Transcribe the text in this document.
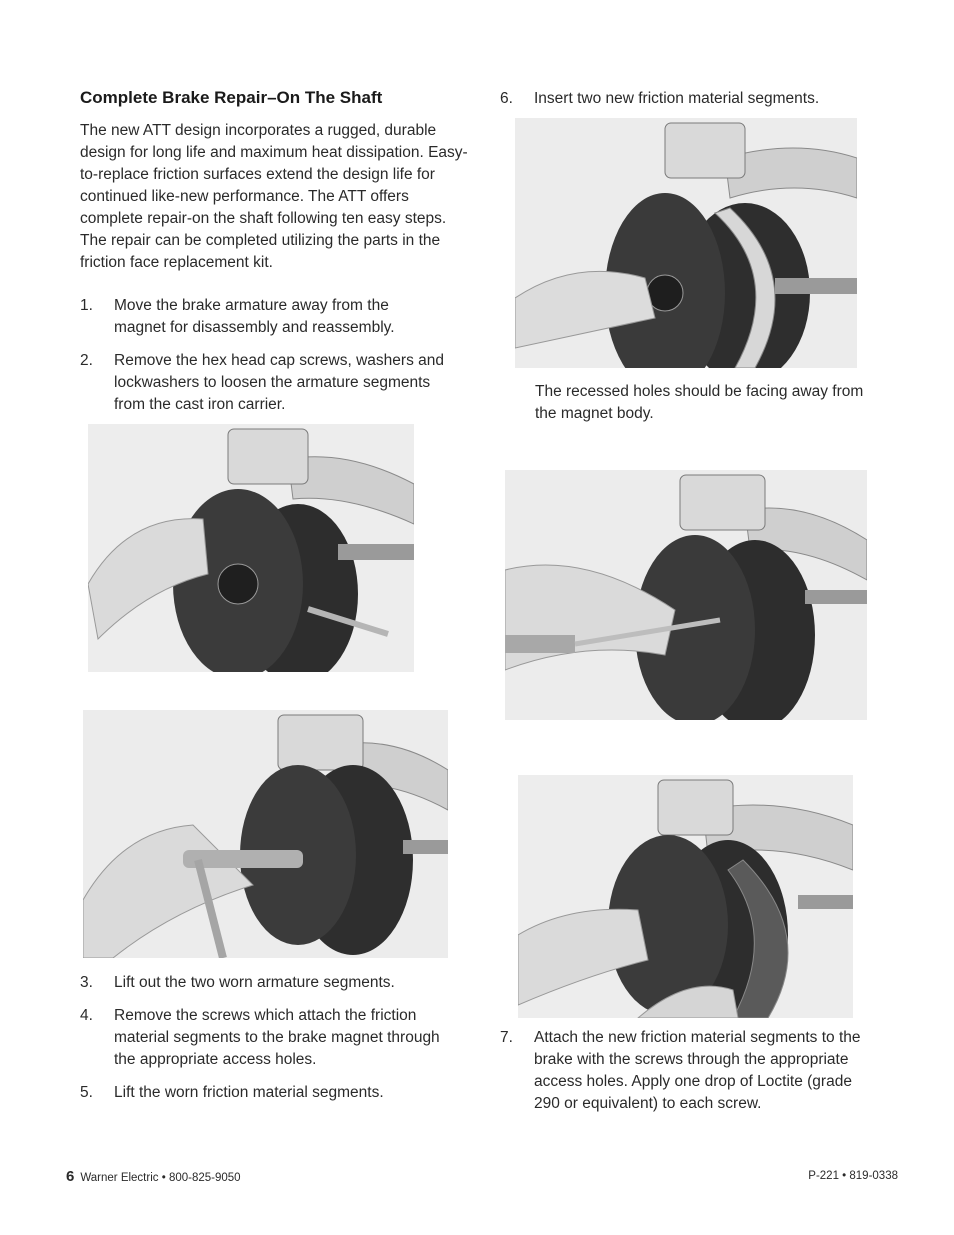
Complete Brake Repair–On The Shaft

The new ATT design incorporates a rugged, durable design for long life and maximum heat dissipation. Easy-to-replace friction surfaces extend the design life for continued like-new performance. The ATT offers complete repair-on the shaft following ten easy steps. The repair can be completed utilizing the parts in the friction face replacement kit.

1. Move the brake armature away from the magnet for disassembly and reassembly.
2. Remove the hex head cap screws, washers and lockwashers to loosen the armature segments from the cast iron carrier.
3. Lift out the two worn armature segments.
4. Remove the screws which attach the friction material segments to the brake magnet through the appropriate access holes.
5. Lift the worn friction material segments.
6. Insert two new friction material segments.

The recessed holes should be facing away from the magnet body.

7. Attach the new friction material segments to the brake with the screws through the appropriate access holes. Apply one drop of Loctite (grade 290 or equivalent) to each screw.
6 Warner Electric • 800-825-9050	P-221 • 819-0338
